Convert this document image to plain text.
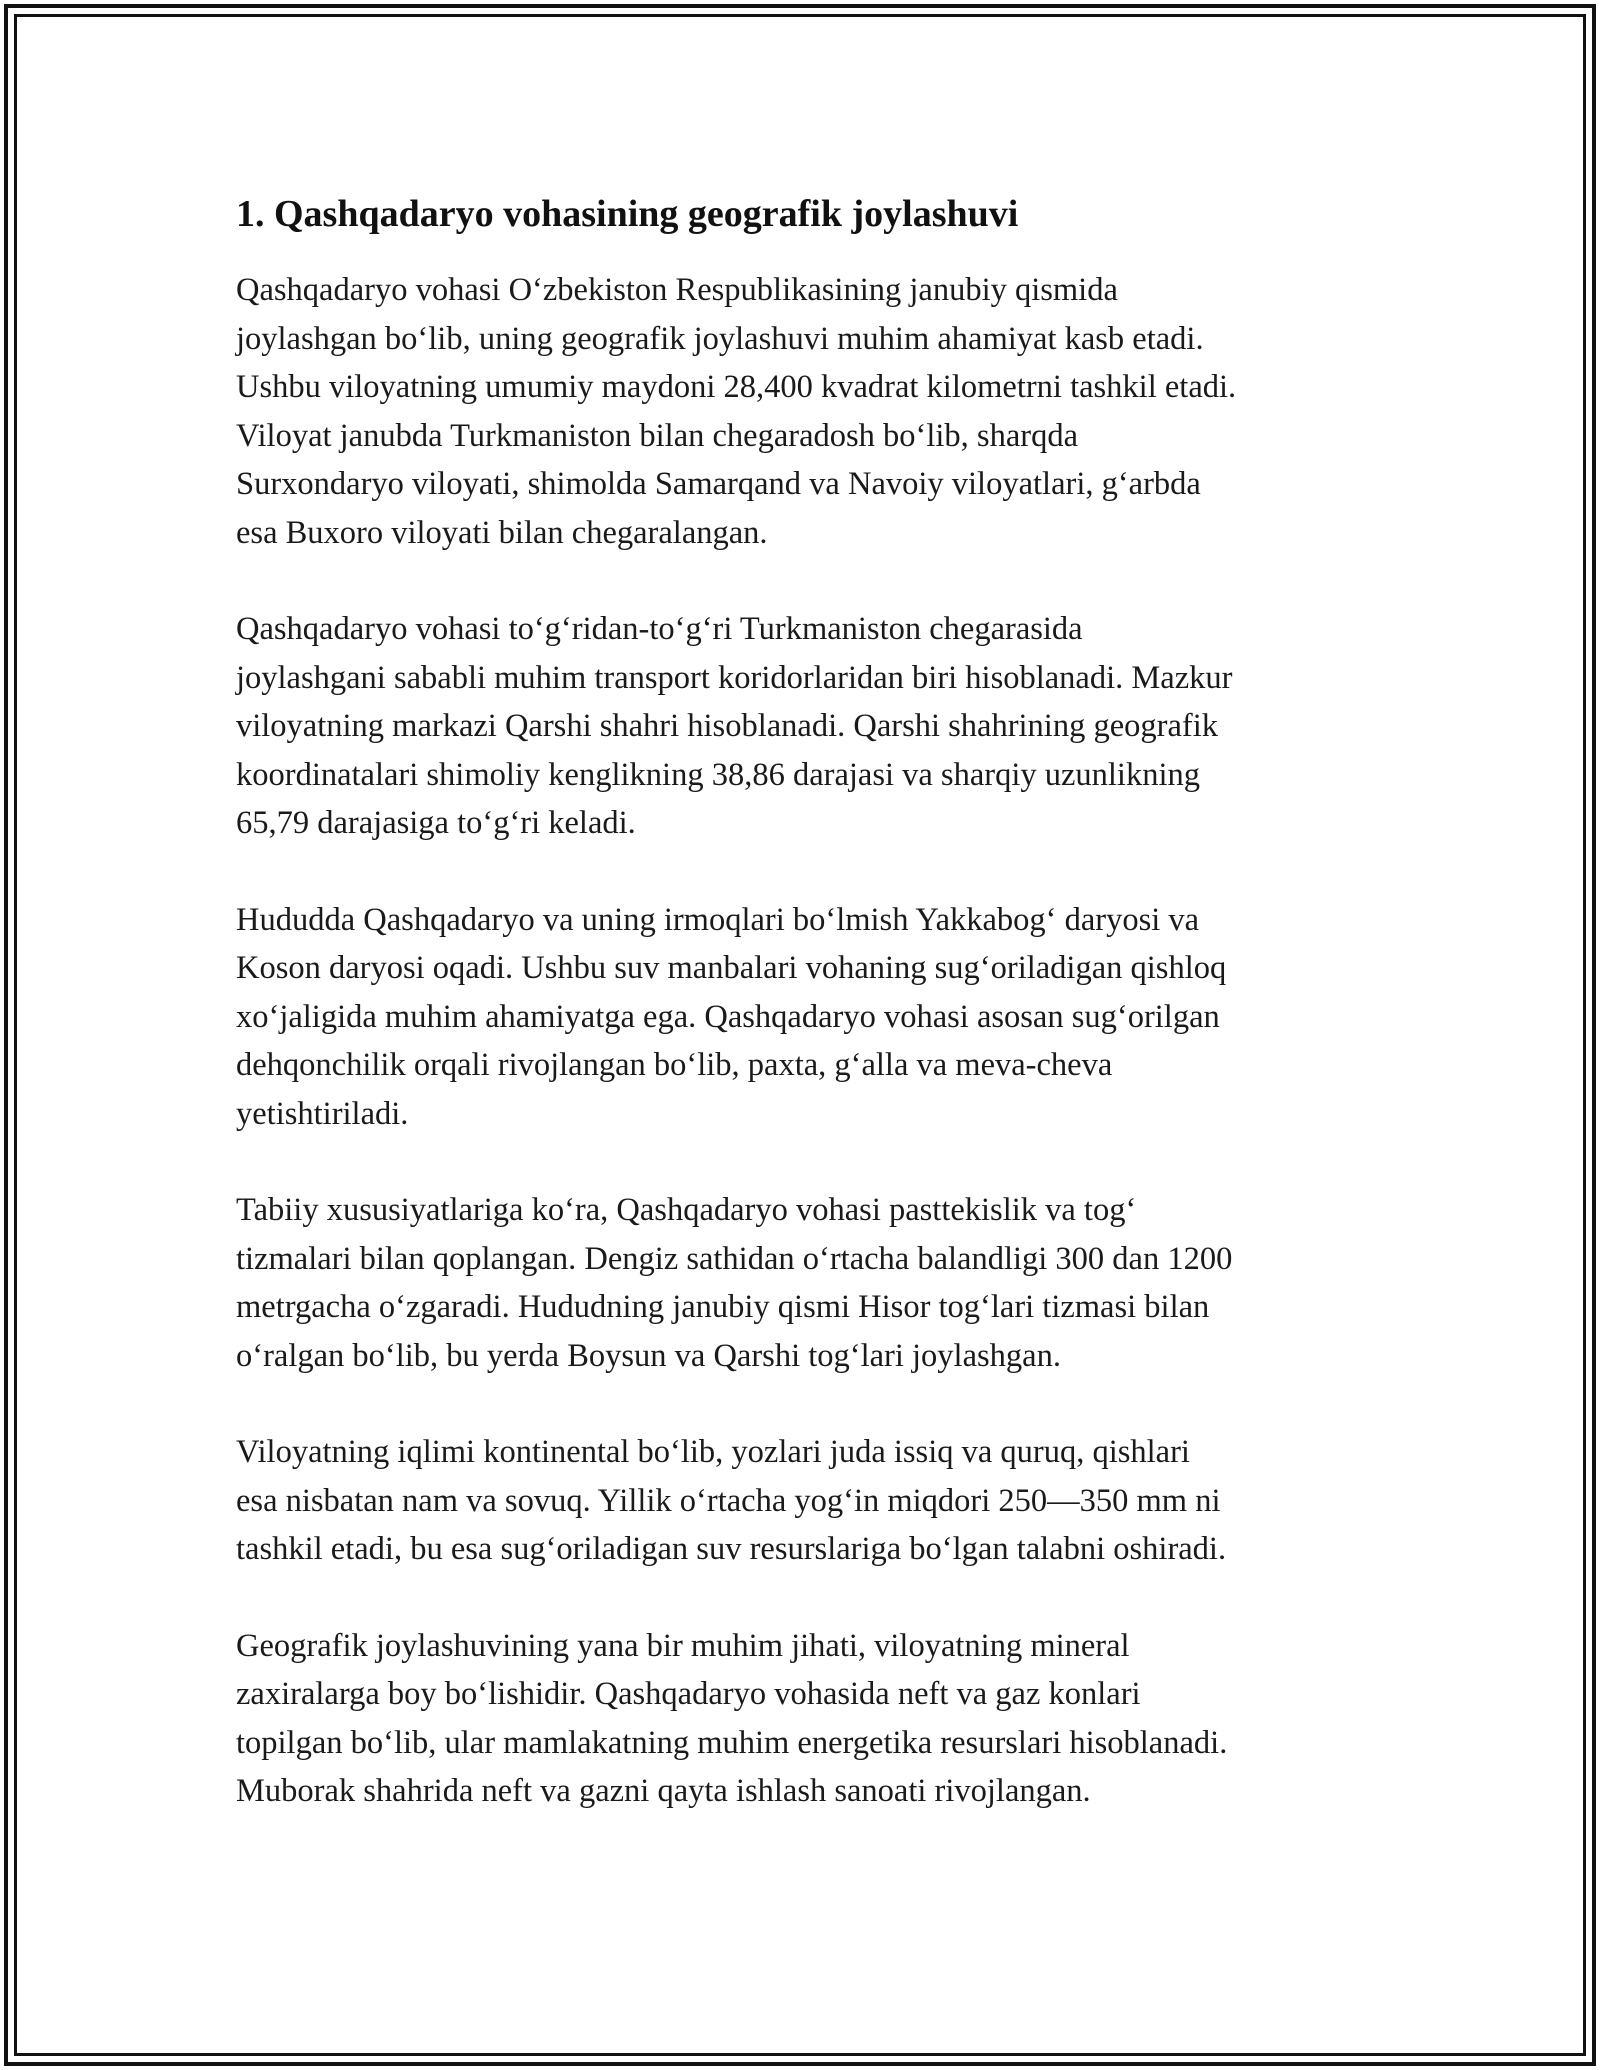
1. Qashqadaryo vohasining geografik joylashuvi

Qashqadaryo vohasi O‘zbekiston Respublikasining janubiy qismida
joylashgan bo‘lib, uning geografik joylashuvi muhim ahamiyat kasb etadi.
Ushbu viloyatning umumiy maydoni 28,400 kvadrat kilometrni tashkil etadi.
Viloyat janubda Turkmaniston bilan chegaradosh bo‘lib, sharqda
Surxondaryo viloyati, shimolda Samarqand va Navoiy viloyatlari, g‘arbda
esa Buxoro viloyati bilan chegaralangan.

Qashqadaryo vohasi to‘g‘ridan-to‘g‘ri Turkmaniston chegarasida
joylashgani sababli muhim transport koridorlaridan biri hisoblanadi. Mazkur
viloyatning markazi Qarshi shahri hisoblanadi. Qarshi shahrining geografik
koordinatalari shimoliy kenglikning 38,86 darajasi va sharqiy uzunlikning
65,79 darajasiga to‘g‘ri keladi.

Hududda Qashqadaryo va uning irmoqlari bo‘lmish Yakkabog‘ daryosi va
Koson daryosi oqadi. Ushbu suv manbalari vohaning sug‘oriladigan qishloq
xo‘jaligida muhim ahamiyatga ega. Qashqadaryo vohasi asosan sug‘orilgan
dehqonchilik orqali rivojlangan bo‘lib, paxta, g‘alla va meva-cheva
yetishtiriladi.

Tabiiy xususiyatlariga ko‘ra, Qashqadaryo vohasi pasttekislik va tog‘
tizmalari bilan qoplangan. Dengiz sathidan o‘rtacha balandligi 300 dan 1200
metrgacha o‘zgaradi. Hududning janubiy qismi Hisor tog‘lari tizmasi bilan
o‘ralgan bo‘lib, bu yerda Boysun va Qarshi tog‘lari joylashgan.

Viloyatning iqlimi kontinental bo‘lib, yozlari juda issiq va quruq, qishlari
esa nisbatan nam va sovuq. Yillik o‘rtacha yog‘in miqdori 250—350 mm ni
tashkil etadi, bu esa sug‘oriladigan suv resurslariga bo‘lgan talabni oshiradi.

Geografik joylashuvining yana bir muhim jihati, viloyatning mineral
zaxiralarga boy bo‘lishidir. Qashqadaryo vohasida neft va gaz konlari
topilgan bo‘lib, ular mamlakatning muhim energetika resurslari hisoblanadi.
Muborak shahrida neft va gazni qayta ishlash sanoati rivojlangan.
